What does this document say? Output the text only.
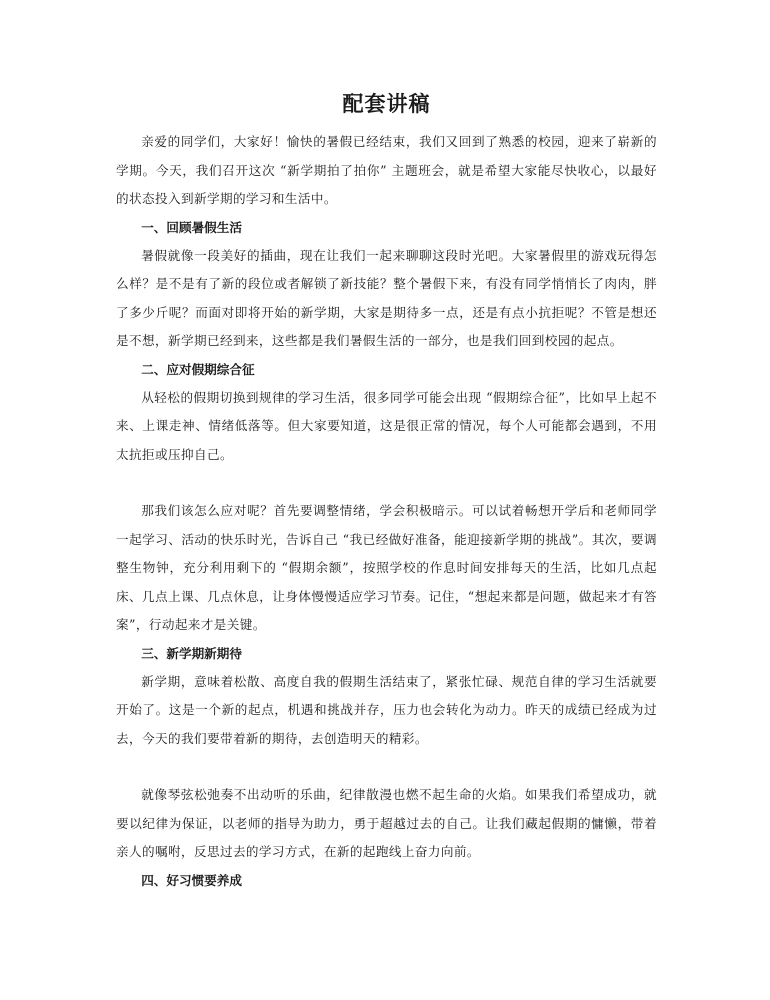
配套讲稿

亲爱的同学们，大家好！愉快的暑假已经结束，我们又回到了熟悉的校园，迎来了崭新的学期。今天，我们召开这次 “新学期拍了拍你” 主题班会，就是希望大家能尽快收心，以最好的状态投入到新学期的学习和生活中。

一、回顾暑假生活

暑假就像一段美好的插曲，现在让我们一起来聊聊这段时光吧。大家暑假里的游戏玩得怎么样？是不是有了新的段位或者解锁了新技能？整个暑假下来，有没有同学悄悄长了肉肉，胖了多少斤呢？而面对即将开始的新学期，大家是期待多一点，还是有点小抗拒呢？不管是想还是不想，新学期已经到来，这些都是我们暑假生活的一部分，也是我们回到校园的起点。

二、应对假期综合征

从轻松的假期切换到规律的学习生活，很多同学可能会出现 “假期综合征”，比如早上起不来、上课走神、情绪低落等。但大家要知道，这是很正常的情况，每个人可能都会遇到，不用太抗拒或压抑自己。

那我们该怎么应对呢？首先要调整情绪，学会积极暗示。可以试着畅想开学后和老师同学一起学习、活动的快乐时光，告诉自己 “我已经做好准备，能迎接新学期的挑战”。其次，要调整生物钟，充分利用剩下的 “假期余额”，按照学校的作息时间安排每天的生活，比如几点起床、几点上课、几点休息，让身体慢慢适应学习节奏。记住，“想起来都是问题，做起来才有答案”，行动起来才是关键。

三、新学期新期待

新学期，意味着松散、高度自我的假期生活结束了，紧张忙碌、规范自律的学习生活就要开始了。这是一个新的起点，机遇和挑战并存，压力也会转化为动力。昨天的成绩已经成为过去，今天的我们要带着新的期待，去创造明天的精彩。

就像琴弦松弛奏不出动听的乐曲，纪律散漫也燃不起生命的火焰。如果我们希望成功，就要以纪律为保证，以老师的指导为助力，勇于超越过去的自己。让我们藏起假期的慵懒，带着亲人的嘱咐，反思过去的学习方式，在新的起跑线上奋力向前。

四、好习惯要养成
